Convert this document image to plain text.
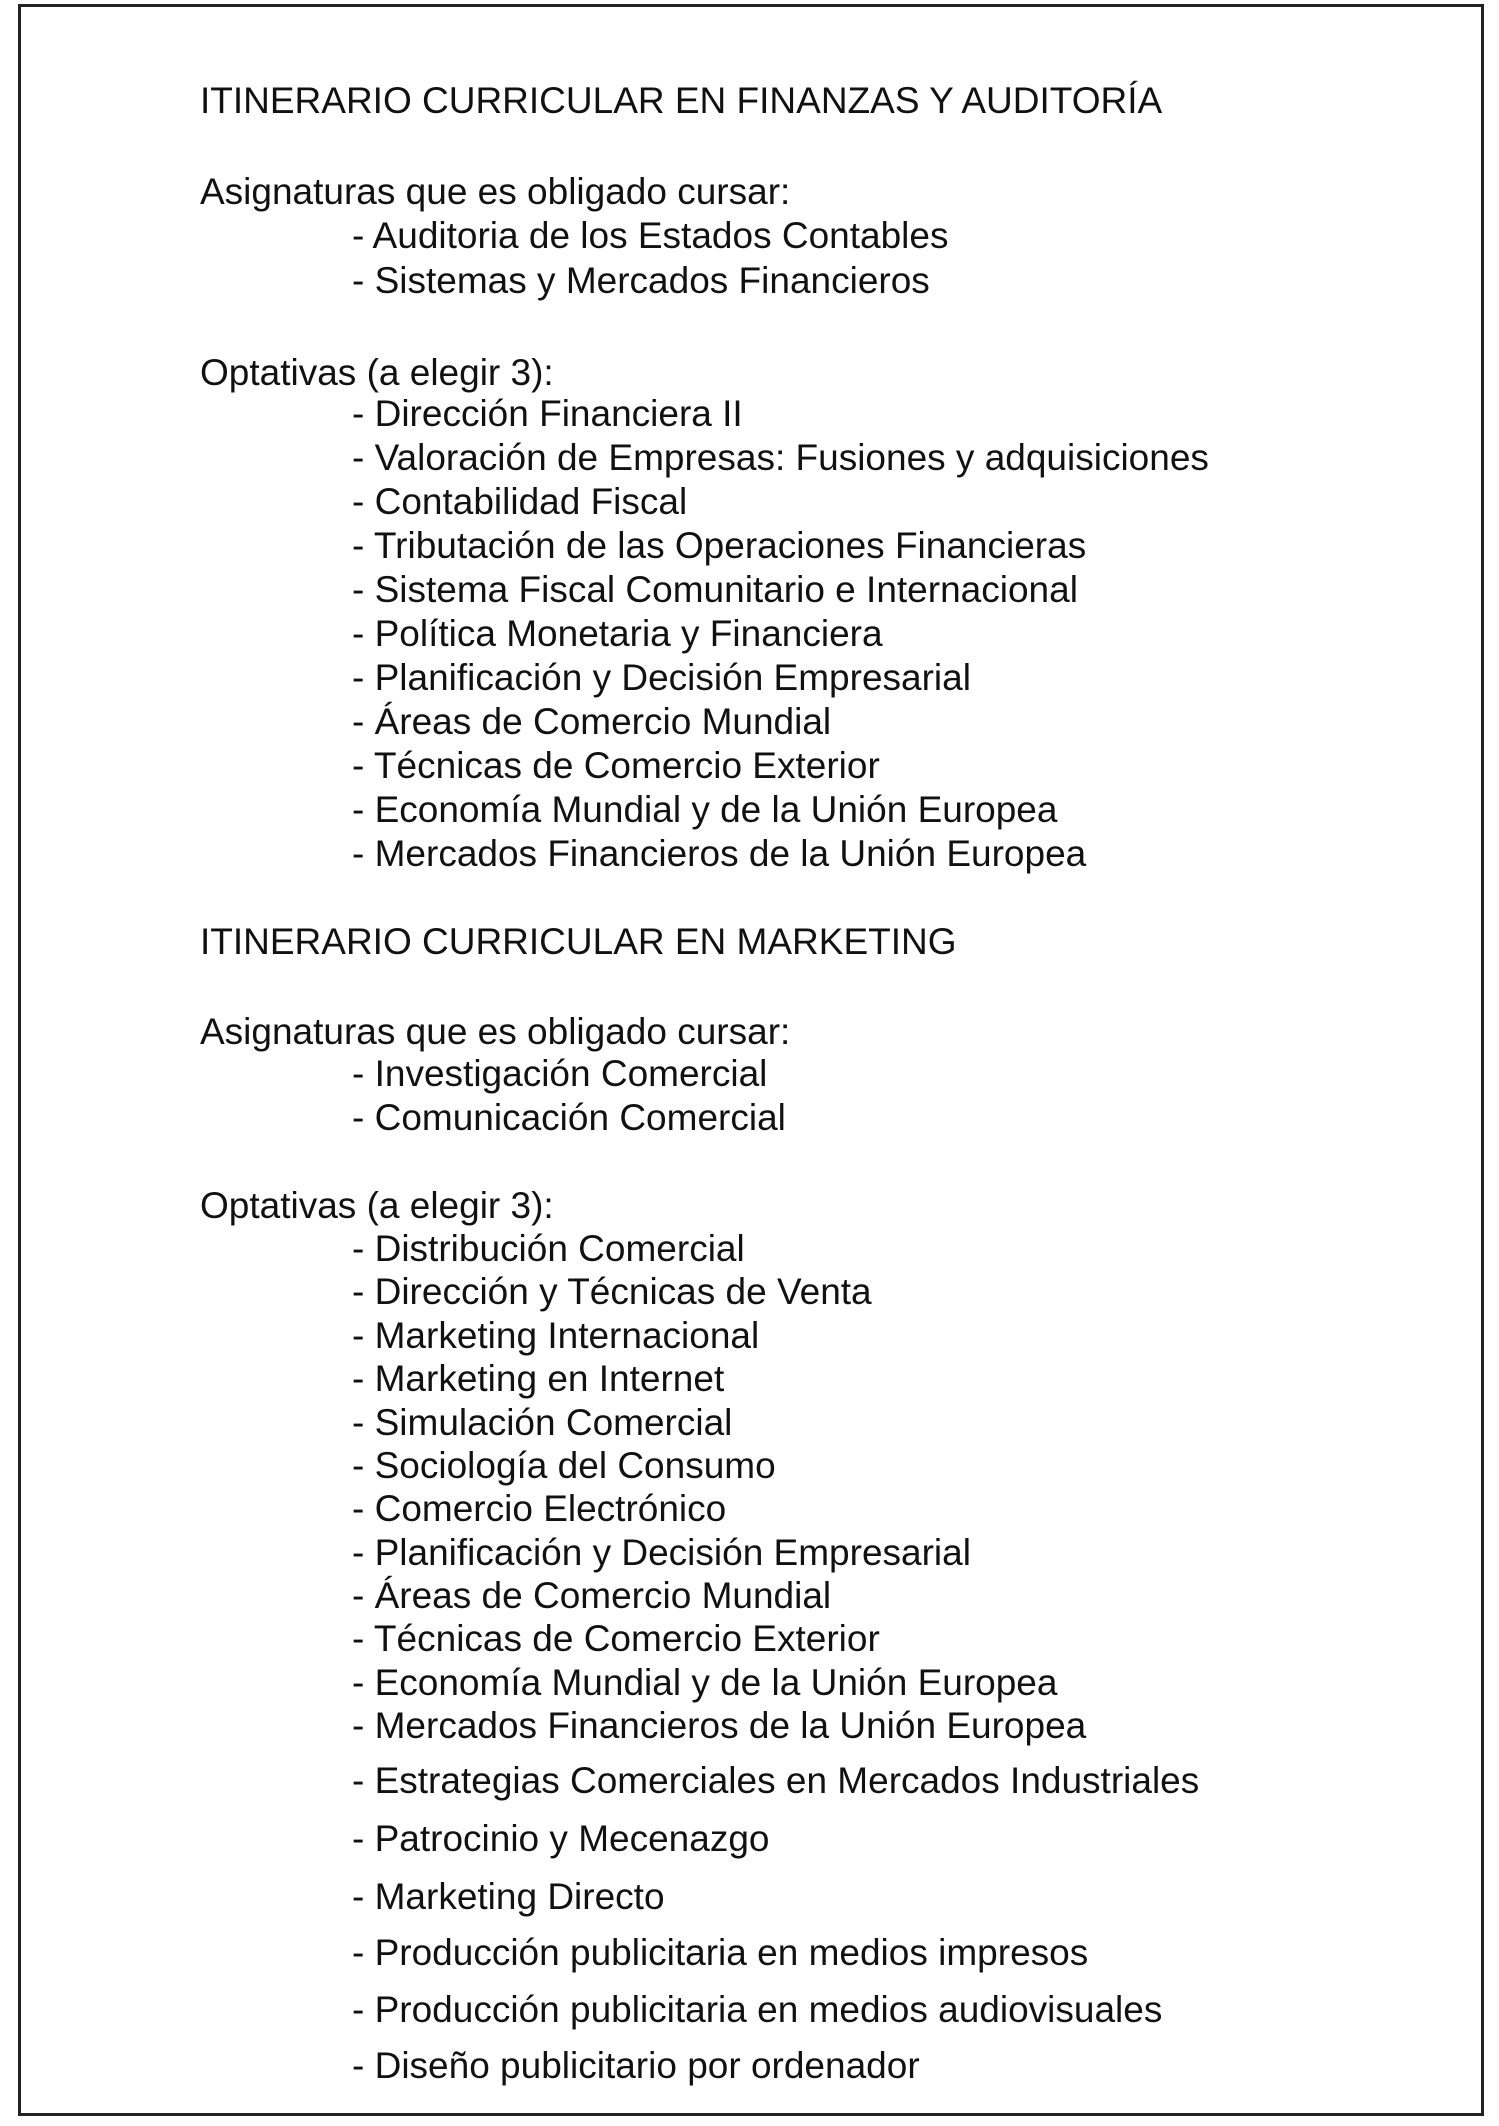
ITINERARIO CURRICULAR EN FINANZAS Y AUDITORÍA
Asignaturas que es obligado cursar:
- Auditoria de los Estados Contables
- Sistemas y Mercados Financieros
Optativas (a elegir 3):
- Dirección Financiera II
- Valoración de Empresas: Fusiones y adquisiciones
- Contabilidad Fiscal
- Tributación de las Operaciones Financieras
- Sistema Fiscal Comunitario e Internacional
- Política Monetaria y Financiera
- Planificación y Decisión Empresarial
- Áreas de Comercio Mundial
- Técnicas de Comercio Exterior
- Economía Mundial y de la Unión Europea
- Mercados Financieros de la Unión Europea
ITINERARIO CURRICULAR EN MARKETING
Asignaturas que es obligado cursar:
- Investigación Comercial
- Comunicación Comercial
Optativas (a elegir 3):
- Distribución Comercial
- Dirección y Técnicas de Venta
- Marketing Internacional
- Marketing en Internet
- Simulación Comercial
- Sociología del Consumo
- Comercio Electrónico
- Planificación y Decisión Empresarial
- Áreas de Comercio Mundial
- Técnicas de Comercio Exterior
- Economía Mundial y de la Unión Europea
- Mercados Financieros de la Unión Europea
- Estrategias Comerciales en Mercados Industriales
- Patrocinio y Mecenazgo
- Marketing Directo
- Producción publicitaria en medios impresos
- Producción publicitaria en medios audiovisuales
- Diseño publicitario por ordenador
